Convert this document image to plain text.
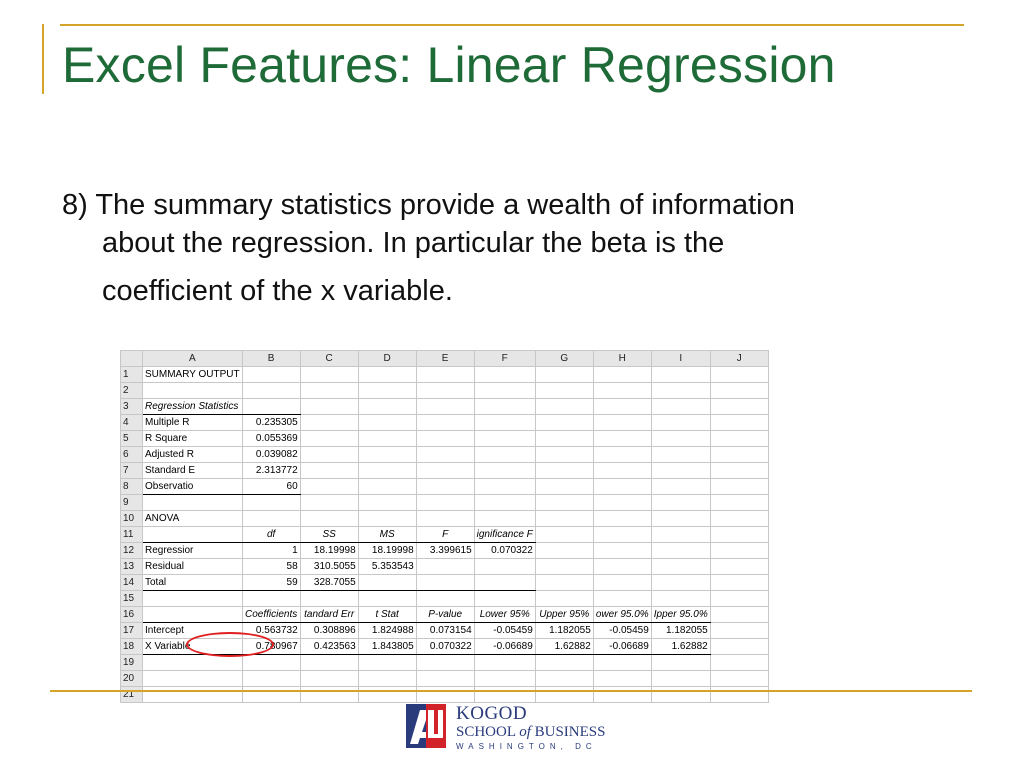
Excel Features: Linear Regression
8) The summary statistics provide a wealth of information
about the regression. In particular the beta is the
coefficient of the x variable.
	A	B	C	D	E	F	G	H	I	J
1	SUMMARY OUTPUT									
2										
3	Regression Statistics									
4	Multiple R	0.235305								
5	R Square	0.055369								
6	Adjusted R	0.039082								
7	Standard E	2.313772								
8	Observatio	60								
9										
10	ANOVA									
11		df	SS	MS	F	ignificance F				
12	Regressior	1	18.19998	18.19998	3.399615	0.070322				
13	Residual	58	310.5055	5.353543						
14	Total	59	328.7055							
15										
16		Coefficients	tandard Err	t Stat	P-value	Lower 95%	Upper 95%	ower 95.0%	Ipper 95.0%	
17	Intercept	0.563732	0.308896	1.824988	0.073154	-0.05459	1.182055	-0.05459	1.182055	
18	X Variable	0.780967	0.423563	1.843805	0.070322	-0.06689	1.62882	-0.06689	1.62882	
19										
20										
21										
KOGOD
SCHOOL of BUSINESS
WASHINGTON, DC
